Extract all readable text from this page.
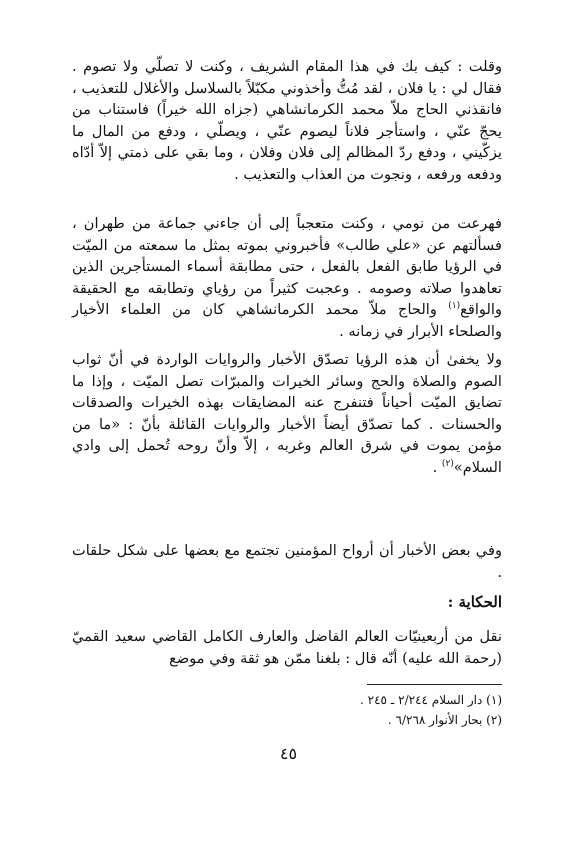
وقلت : كيف بك في هذا المقام الشريف ، وكنت لا تصلّي ولا تصوم . فقال لي : يا فلان ، لقد مُتُّ وأخذوني مكبّلاً بالسلاسل والأغلال للتعذيب ، فانقذني الحاج ملاّ محمد الكرمانشاهي (جزاه الله خيراً) فاستناب من يحجّ عنّي ، واستأجر فلاناً ليصوم عنّي ، ويصلّي ، ودفع من المال ما يزكّيني ، ودفع ردّ المظالم إلى فلان وفلان ، وما بقي على ذمتي إلاّ أدّاه ودفعه ورفعه ، ونجوت من العذاب والتعذيب .
فهرعت من نومي ، وكنت متعجباً إلى أن جاءني جماعة من طهران ، فسألتهم عن «علي طالب» فأخبروني بموته بمثل ما سمعته من الميّت في الرؤيا طابق الفعل بالفعل ، حتى مطابقة أسماء المستأجرين الذين تعاهدوا صلاته وصومه . وعجبت كثيراً من رؤياي وتطابقه مع الحقيقة والواقع$^{(١)}$ والحاج ملاّ محمد الكرمانشاهي كان من العلماء الأخيار والصلحاء الأبرار في زمانه .
ولا يخفىٰ أن هذه الرؤيا تصدّق الأخبار والروايات الواردة في أنّ ثواب الصوم والصلاة والحج وسائر الخيرات والمبرّات تصل الميّت ، وإذا ما تضايق الميّت أحياناً فتنفرج عنه المضايقات بهذه الخيرات والصدقات والحسنات . كما تصدّق أيضاً الأخبار والروايات القائلة بأنّ : «ما من مؤمن يموت في شرق العالم وغربه ، إلاّ وأنّ روحه تُحمل إلى وادي السلام»$^{(٢)}$ .
وفي بعض الأخبار أن أرواح المؤمنين تجتمع مع بعضها على شكل حلقات .
الحكاية :
نقل من أربعينيّات العالم الفاضل والعارف الكامل القاضي سعيد القميّ (رحمة الله عليه) أنّه قال : بلغنا ممّن هو ثقة وفي موضع
(١) دار السلام ٢/٢٤٤ ـ ٢٤٥ .
(٢) بحار الأنوار ٦/٢٦٨ .
٤٥
